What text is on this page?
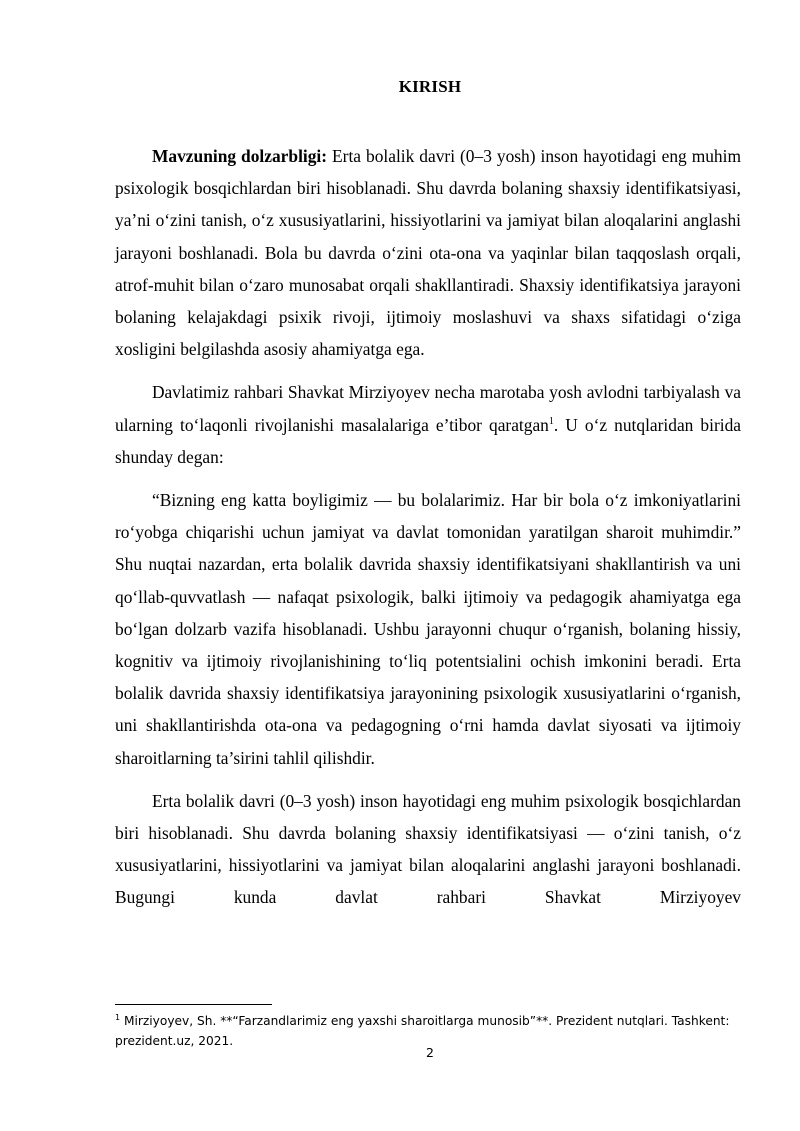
KIRISH

Mavzuning dolzarbligi: Erta bolalik davri (0–3 yosh) inson hayotidagi eng muhim psixologik bosqichlardan biri hisoblanadi. Shu davrda bolaning shaxsiy identifikatsiyasi, ya’ni o‘zini tanish, o‘z xususiyatlarini, hissiyotlarini va jamiyat bilan aloqalarini anglashi jarayoni boshlanadi. Bola bu davrda o‘zini ota-ona va yaqinlar bilan taqqoslash orqali, atrof-muhit bilan o‘zaro munosabat orqali shakllantiradi. Shaxsiy identifikatsiya jarayoni bolaning kelajakdagi psixik rivoji, ijtimoiy moslashuvi va shaxs sifatidagi o‘ziga xosligini belgilashda asosiy ahamiyatga ega.

Davlatimiz rahbari Shavkat Mirziyoyev necha marotaba yosh avlodni tarbiyalash va ularning to‘laqonli rivojlanishi masalalariga e’tibor qaratgan$^1$. U o‘z nutqlaridan birida shunday degan:

“Bizning eng katta boyligimiz — bu bolalarimiz. Har bir bola o‘z imkoniyatlarini ro‘yobga chiqarishi uchun jamiyat va davlat tomonidan yaratilgan sharoit muhimdir.” Shu nuqtai nazardan, erta bolalik davrida shaxsiy identifikatsiyani shakllantirish va uni qo‘llab-quvvatlash — nafaqat psixologik, balki ijtimoiy va pedagogik ahamiyatga ega bo‘lgan dolzarb vazifa hisoblanadi. Ushbu jarayonni chuqur o‘rganish, bolaning hissiy, kognitiv va ijtimoiy rivojlanishining to‘liq potentsialini ochish imkonini beradi. Erta bolalik davrida shaxsiy identifikatsiya jarayonining psixologik xususiyatlarini o‘rganish, uni shakllantirishda ota-ona va pedagogning o‘rni hamda davlat siyosati va ijtimoiy sharoitlarning ta’sirini tahlil qilishdir.

Erta bolalik davri (0–3 yosh) inson hayotidagi eng muhim psixologik bosqichlardan biri hisoblanadi. Shu davrda bolaning shaxsiy identifikatsiyasi — o‘zini tanish, o‘z xususiyatlarini, hissiyotlarini va jamiyat bilan aloqalarini anglashi jarayoni boshlanadi. Bugungi kunda davlat rahbari Shavkat Mirziyoyev

$^1$ Mirziyoyev, Sh. **“Farzandlarimiz eng yaxshi sharoitlarga munosib”**. Prezident nutqlari. Tashkent: prezident.uz, 2021.
2
